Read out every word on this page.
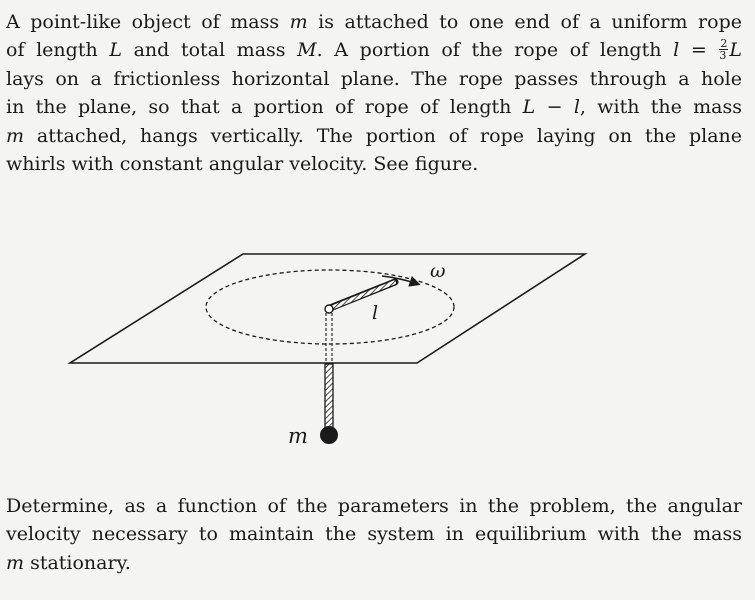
A point-like object of mass m is attached to one end of a uniform rope
of length L and total mass M. A portion of the rope of length $l = \frac{2}{3}$ L
lays on a frictionless horizontal plane. The rope passes through a hole
in the plane, so that a portion of rope of length L − l, with the mass
m attached, hangs vertically. The portion of rope laying on the plane
whirls with constant angular velocity. See figure.
ω
l
m
Determine, as a function of the parameters in the problem, the angular
velocity necessary to maintain the system in equilibrium with the mass
m stationary.
